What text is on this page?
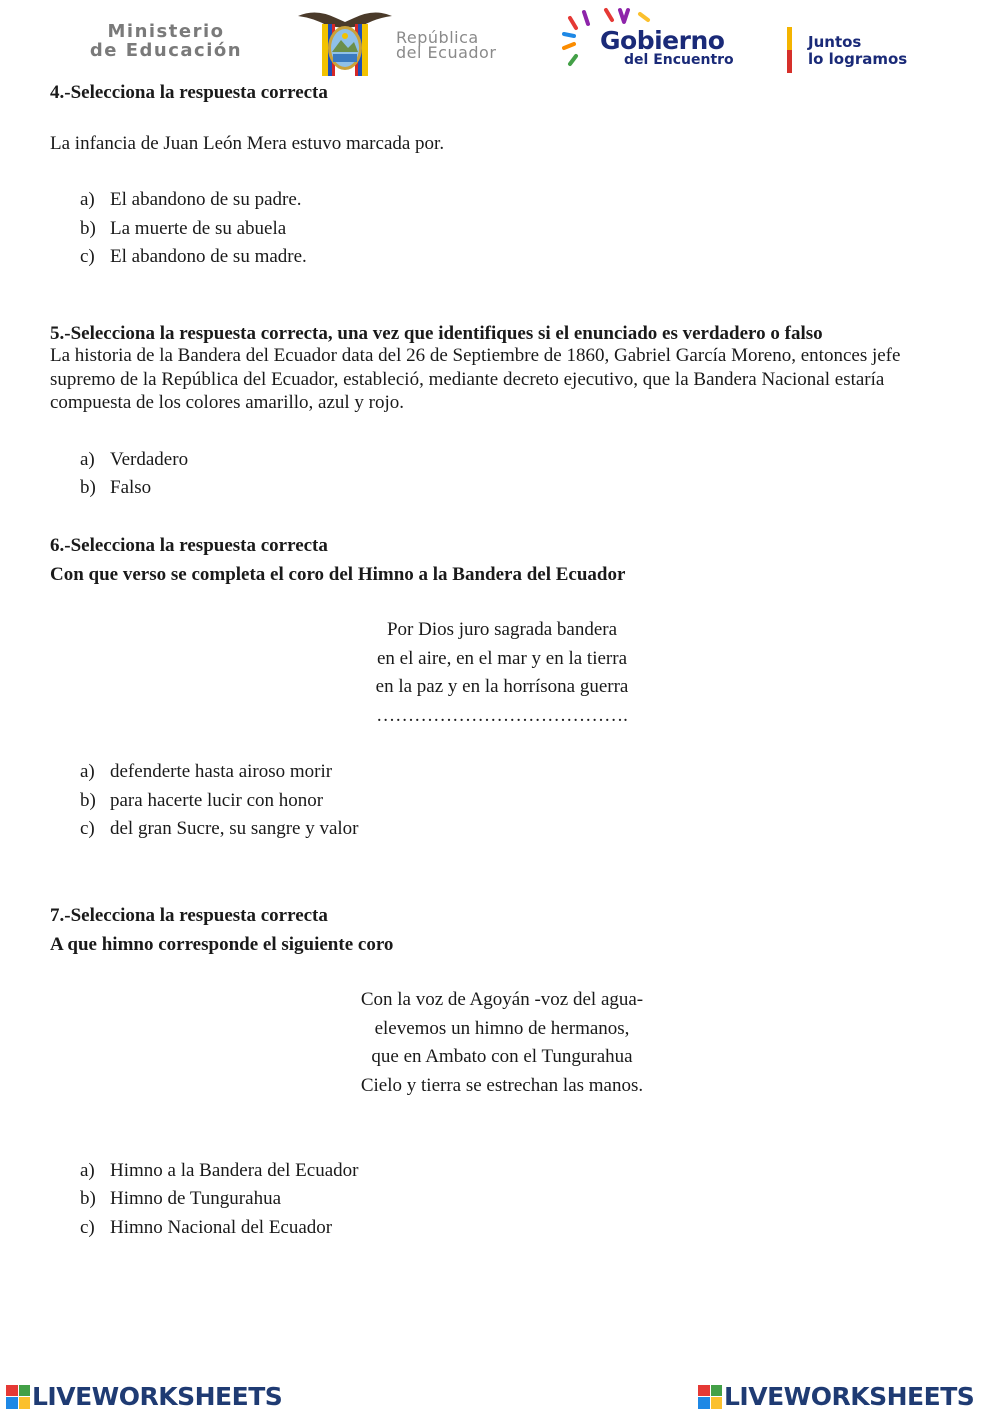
Ministerio
de Educación
República
del Ecuador	Gobierno
del Encuentro
Juntos
lo logramos
4.-Selecciona la respuesta correcta
La infancia de Juan León Mera estuvo marcada por.
a) El abandono de su padre.
b) La muerte de su abuela
c) El abandono de su madre.
5.-Selecciona la respuesta correcta, una vez que identifiques si el enunciado es verdadero o falso
La historia de la Bandera del Ecuador data del 26 de Septiembre de 1860, Gabriel García Moreno, entonces jefe supremo de la República del Ecuador, estableció, mediante decreto ejecutivo, que la Bandera Nacional estaría compuesta de los colores amarillo, azul y rojo.
a) Verdadero
b) Falso
6.-Selecciona la respuesta correcta
Con que verso se completa el coro del Himno a la Bandera del Ecuador
Por Dios juro sagrada bandera
en el aire, en el mar y en la tierra
en la paz y en la horrísona guerra
………………………………….
a) defenderte hasta airoso morir
b) para hacerte lucir con honor
c) del gran Sucre, su sangre y valor
7.-Selecciona la respuesta correcta
A que himno corresponde el siguiente coro
Con la voz de Agoyán -voz del agua-
elevemos un himno de hermanos,
que en Ambato con el Tungurahua
Cielo y tierra se estrechan las manos.
a) Himno a la Bandera del Ecuador
b) Himno de Tungurahua
c) Himno Nacional del Ecuador
LIVEWORKSHEETS	LIVEWORKSHEETS
